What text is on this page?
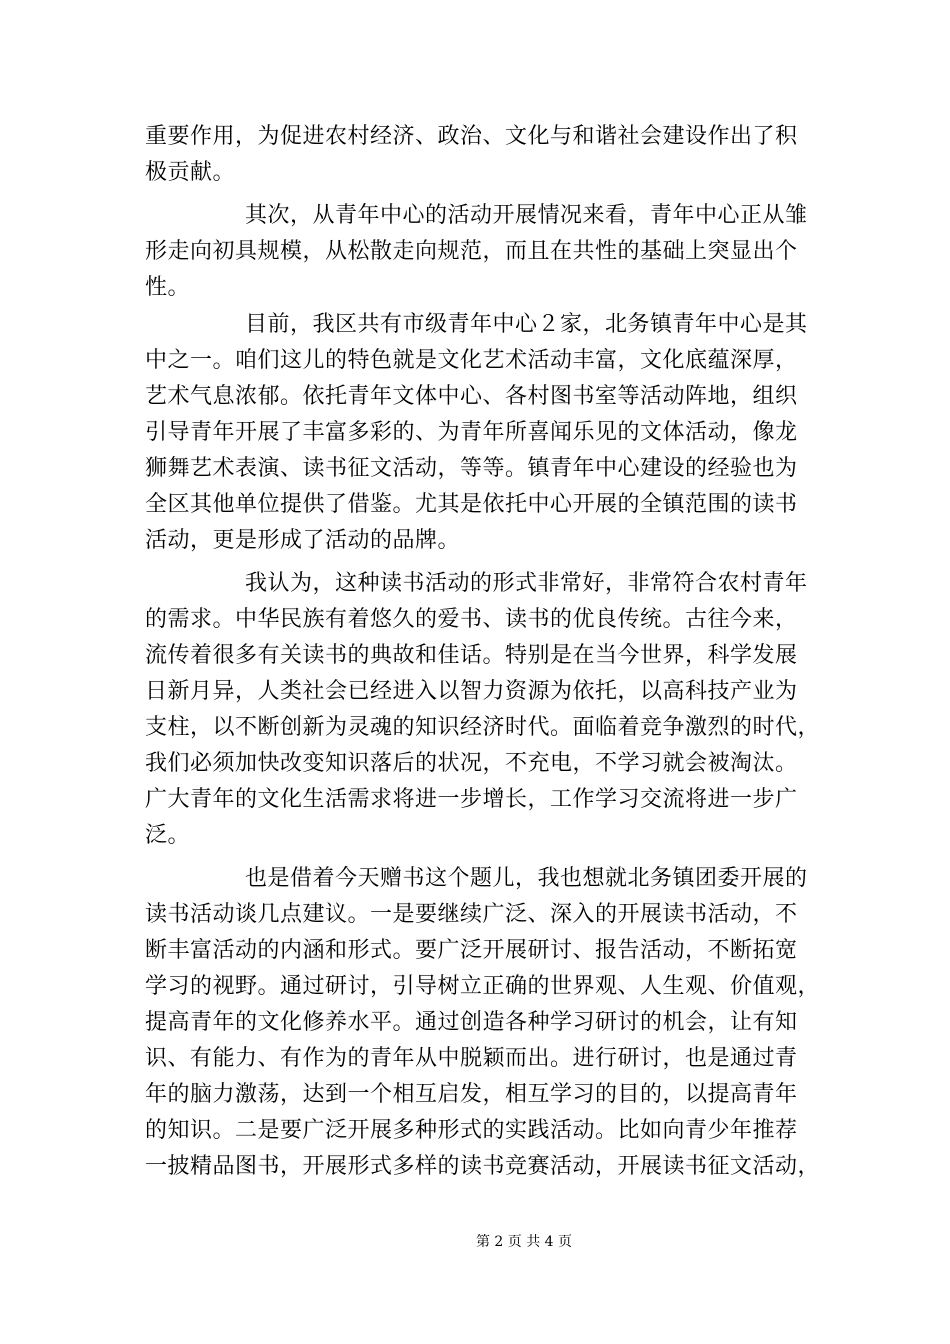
重要作用，为促进农村经济、政治、文化与和谐社会建设作出了积
极贡献。
其次，从青年中心的活动开展情况来看，青年中心正从雏
形走向初具规模，从松散走向规范，而且在共性的基础上突显出个
性。
目前，我区共有市级青年中心２家，北务镇青年中心是其
中之一。咱们这儿的特色就是文化艺术活动丰富，文化底蕴深厚，
艺术气息浓郁。依托青年文体中心、各村图书室等活动阵地，组织
引导青年开展了丰富多彩的、为青年所喜闻乐见的文体活动，像龙
狮舞艺术表演、读书征文活动，等等。镇青年中心建设的经验也为
全区其他单位提供了借鉴。尤其是依托中心开展的全镇范围的读书
活动，更是形成了活动的品牌。
我认为，这种读书活动的形式非常好，非常符合农村青年
的需求。中华民族有着悠久的爱书、读书的优良传统。古往今来，
流传着很多有关读书的典故和佳话。特别是在当今世界，科学发展
日新月异，人类社会已经进入以智力资源为依托，以高科技产业为
支柱，以不断创新为灵魂的知识经济时代。面临着竞争激烈的时代，
我们必须加快改变知识落后的状况，不充电，不学习就会被淘汰。
广大青年的文化生活需求将进一步增长，工作学习交流将进一步广
泛。
也是借着今天赠书这个题儿，我也想就北务镇团委开展的
读书活动谈几点建议。一是要继续广泛、深入的开展读书活动，不
断丰富活动的内涵和形式。要广泛开展研讨、报告活动，不断拓宽
学习的视野。通过研讨，引导树立正确的世界观、人生观、价值观，
提高青年的文化修养水平。通过创造各种学习研讨的机会，让有知
识、有能力、有作为的青年从中脱颖而出。进行研讨，也是通过青
年的脑力激荡，达到一个相互启发，相互学习的目的，以提高青年
的知识。二是要广泛开展多种形式的实践活动。比如向青少年推荐
一披精品图书，开展形式多样的读书竞赛活动，开展读书征文活动，
第 2 页 共 4 页
